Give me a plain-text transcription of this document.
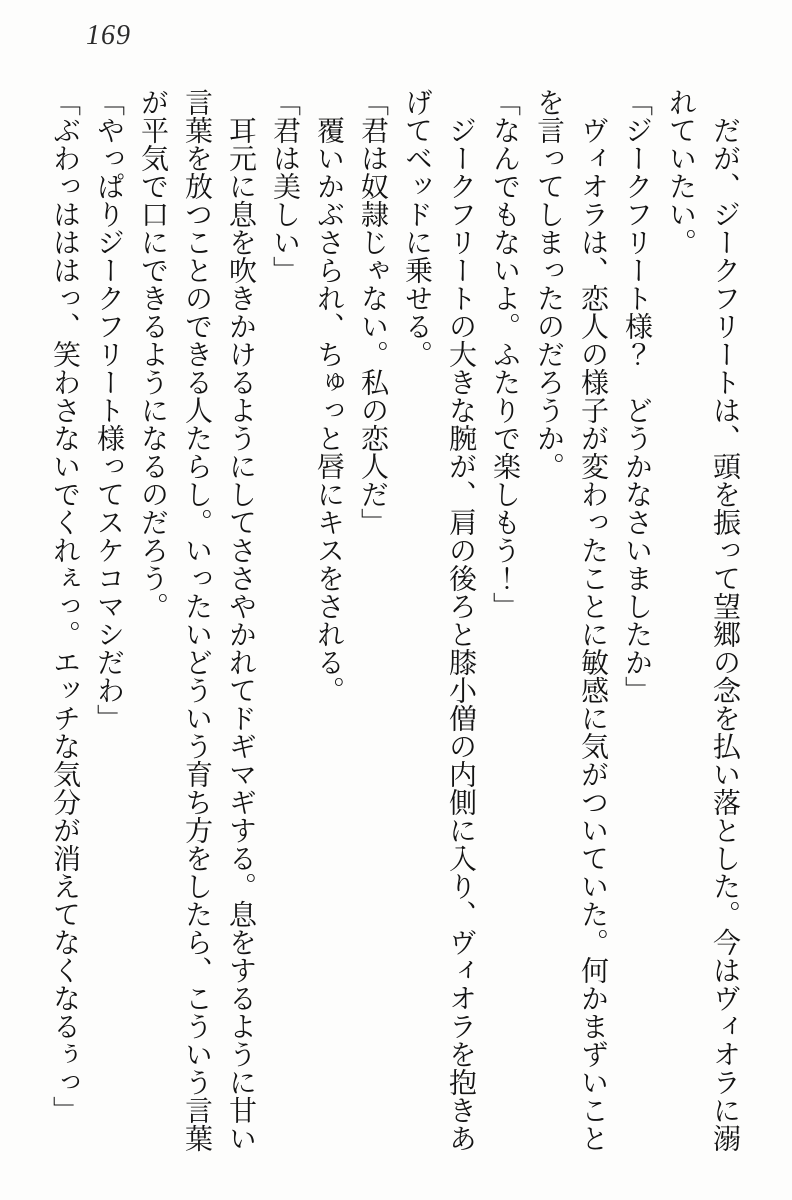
169

　だが、ジークフリートは、頭を振って望郷の念を払い落とした。今はヴィオラに溺れていたい。

「ジークフリート様？　どうかなさいましたか」

　ヴィオラは、恋人の様子が変わったことに敏感に気がついていた。何かまずいことを言ってしまったのだろうか。

「なんでもないよ。ふたりで楽しもう！」

　ジークフリートの大きな腕が、肩の後ろと膝小僧の内側に入り、ヴィオラを抱きあげてベッドに乗せる。

「君は奴隷じゃない。私の恋人だ」

　覆いかぶさられ、ちゅっと唇にキスをされる。

「君は美しい」

　耳元に息を吹きかけるようにしてささやかれてドギマギする。息をするように甘い言葉を放つことのできる人たらし。いったいどういう育ち方をしたら、こういう言葉が平気で口にできるようになるのだろう。

「やっぱりジークフリート様ってスケコマシだわ」

「ぶわっはははっ、笑わさないでくれぇっ。エッチな気分が消えてなくなるぅっ」
